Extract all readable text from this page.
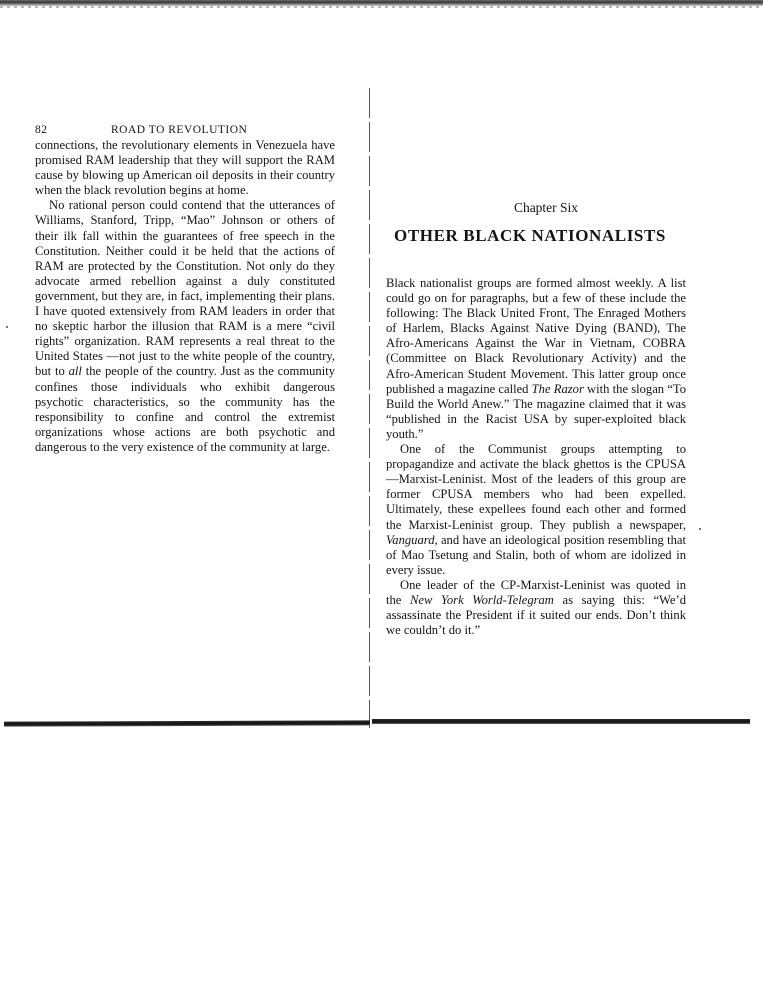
82	ROAD TO REVOLUTION

connections, the revolutionary elements in Venezuela have promised RAM leadership that they will support the RAM cause by blowing up American oil deposits in their country when the black revolution begins at home.

No rational person could contend that the utterances of Williams, Stanford, Tripp, “Mao” Johnson or others of their ilk fall within the guarantees of free speech in the Constitution. Neither could it be held that the actions of RAM are protected by the Constitution. Not only do they advocate armed rebellion against a duly constituted government, but they are, in fact, implementing their plans. I have quoted extensively from RAM leaders in order that no skeptic harbor the illusion that RAM is a mere “civil rights” organization. RAM represents a real threat to the United States —not just to the white people of the country, but to all the people of the country. Just as the community confines those individuals who exhibit dangerous psychotic characteristics, so the community has the responsibility to confine and control the extremist organizations whose actions are both psychotic and dangerous to the very existence of the community at large.

Chapter Six
OTHER BLACK NATIONALISTS

Black nationalist groups are formed almost weekly. A list could go on for paragraphs, but a few of these include the following: The Black United Front, The Enraged Mothers of Harlem, Blacks Against Native Dying (BAND), The Afro-Americans Against the War in Vietnam, COBRA (Committee on Black Revolutionary Activity) and the Afro-American Student Movement. This latter group once published a magazine called The Razor with the slogan “To Build the World Anew.” The magazine claimed that it was “published in the Racist USA by super-exploited black youth.”

One of the Communist groups attempting to propagandize and activate the black ghettos is the CPUSA—Marxist-Leninist. Most of the leaders of this group are former CPUSA members who had been expelled. Ultimately, these expellees found each other and formed the Marxist-Leninist group. They publish a newspaper, Vanguard, and have an ideological position resembling that of Mao Tsetung and Stalin, both of whom are idolized in every issue.

One leader of the CP-Marxist-Leninist was quoted in the New York World-Telegram as saying this: “We’d assassinate the President if it suited our ends. Don’t think we couldn’t do it.”
